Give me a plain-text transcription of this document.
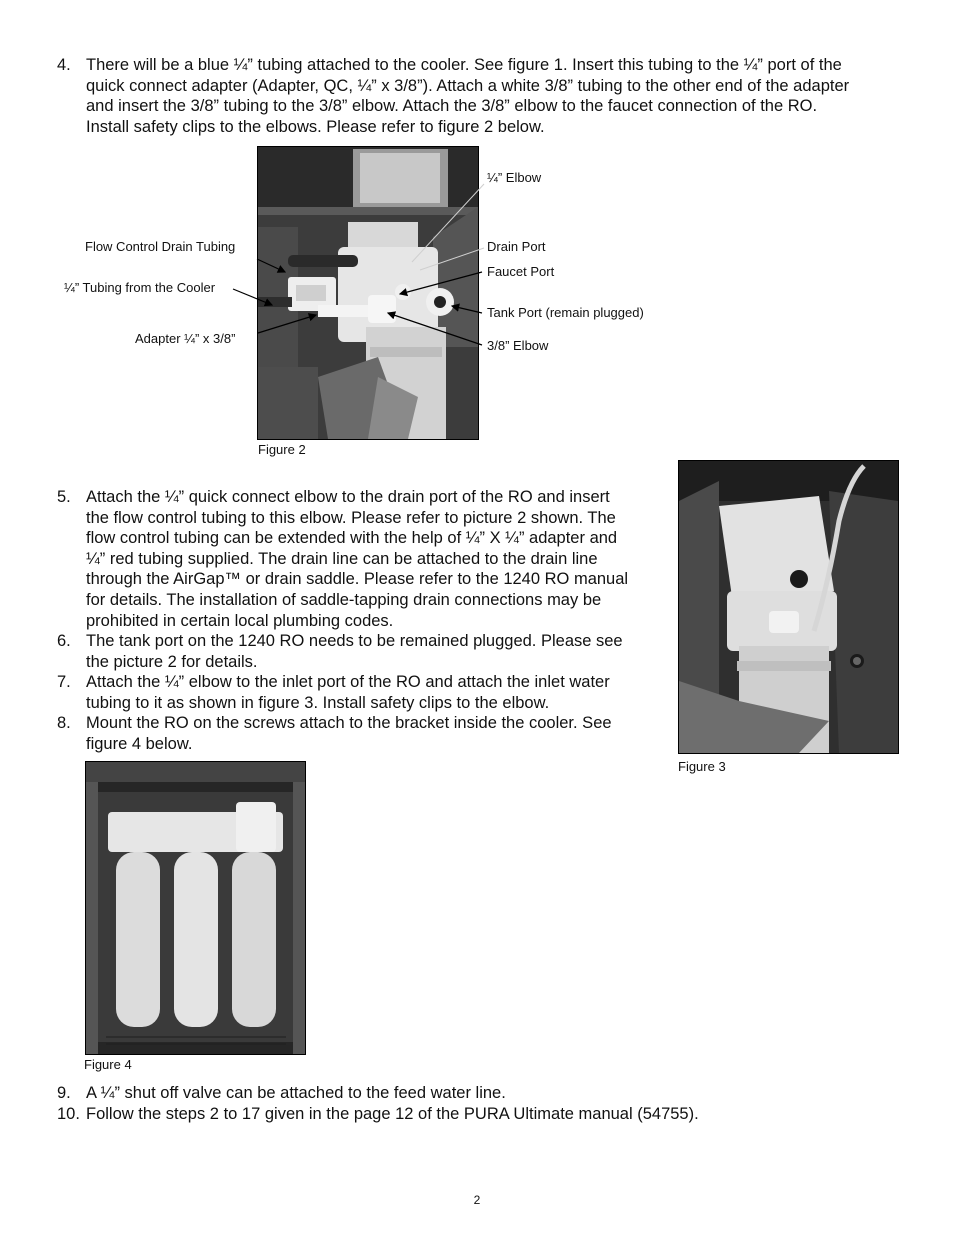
4. There will be a blue ¼” tubing attached to the cooler. See figure 1. Insert this tubing to the ¼” port of the
quick connect adapter (Adapter, QC, ¼” x 3/8”). Attach a white 3/8” tubing to the other end of the adapter
and insert the 3/8” tubing to the 3/8” elbow. Attach the 3/8” elbow to the faucet connection of the RO.
Install safety clips to the elbows. Please refer to figure 2 below.
¼” Elbow
Flow Control Drain Tubing	Drain Port
Faucet Port
¼” Tubing from the Cooler
Tank Port (remain plugged)
Adapter ¼” x 3/8”	3/8” Elbow
Figure 2
5. Attach the ¼” quick connect elbow to the drain port of the RO and insert
the flow control tubing to this elbow. Please refer to picture 2 shown. The
flow control tubing can be extended with the help of ¼” X ¼” adapter and
¼” red tubing supplied. The drain line can be attached to the drain line
through the AirGap™ or drain saddle. Please refer to the 1240 RO manual
for details. The installation of saddle-tapping drain connections may be
prohibited in certain local plumbing codes.
6. The tank port on the 1240 RO needs to be remained plugged. Please see
the picture 2 for details.
7. Attach the ¼” elbow to the inlet port of the RO and attach the inlet water
tubing to it as shown in figure 3. Install safety clips to the elbow.
8. Mount the RO on the screws attach to the bracket inside the cooler. See
figure 4 below.
Figure 3
Figure 4
9. A ¼” shut off valve can be attached to the feed water line.
10. Follow the steps 2 to 17 given in the page 12 of the PURA Ultimate manual (54755).
2
